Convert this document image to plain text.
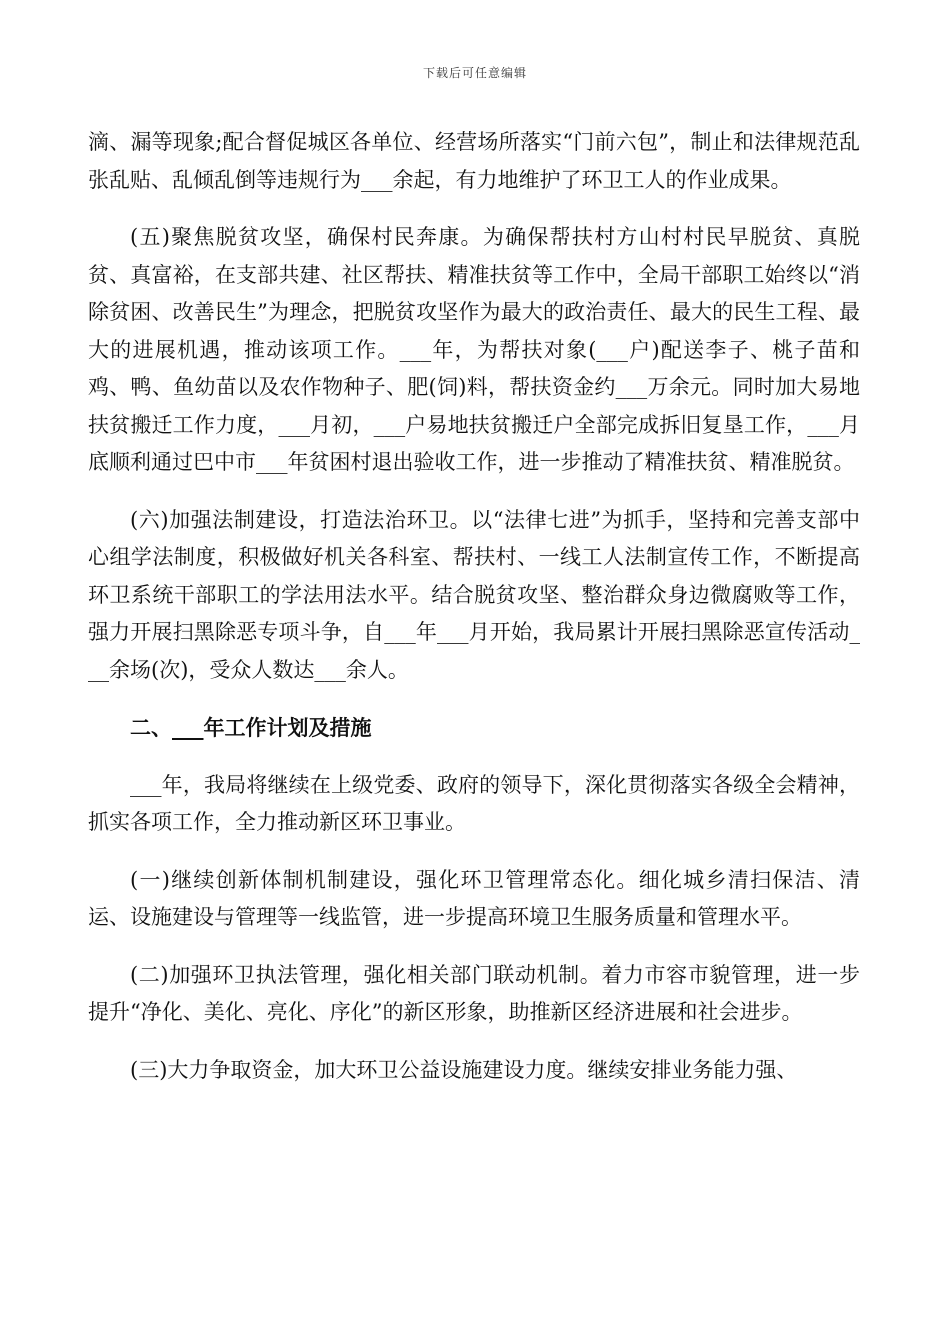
下载后可任意编辑

滴、漏等现象;配合督促城区各单位、经营场所落实“门前六包”，制止和法律规范乱张乱贴、乱倾乱倒等违规行为___余起，有力地维护了环卫工人的作业成果。

(五)聚焦脱贫攻坚，确保村民奔康。为确保帮扶村方山村村民早脱贫、真脱贫、真富裕，在支部共建、社区帮扶、精准扶贫等工作中，全局干部职工始终以“消除贫困、改善民生”为理念，把脱贫攻坚作为最大的政治责任、最大的民生工程、最大的进展机遇，推动该项工作。___年，为帮扶对象(___户)配送李子、桃子苗和鸡、鸭、鱼幼苗以及农作物种子、肥(饲)料，帮扶资金约___万余元。同时加大易地扶贫搬迁工作力度，___月初，___户易地扶贫搬迁户全部完成拆旧复垦工作，___月底顺利通过巴中市___年贫困村退出验收工作，进一步推动了精准扶贫、精准脱贫。

(六)加强法制建设，打造法治环卫。以“法律七进”为抓手，坚持和完善支部中心组学法制度，积极做好机关各科室、帮扶村、一线工人法制宣传工作，不断提高环卫系统干部职工的学法用法水平。结合脱贫攻坚、整治群众身边微腐败等工作，强力开展扫黑除恶专项斗争，自___年___月开始，我局累计开展扫黑除恶宣传活动___余场(次)，受众人数达___余人。

二、___年工作计划及措施

___年，我局将继续在上级党委、政府的领导下，深化贯彻落实各级全会精神，抓实各项工作，全力推动新区环卫事业。

(一)继续创新体制机制建设，强化环卫管理常态化。细化城乡清扫保洁、清运、设施建设与管理等一线监管，进一步提高环境卫生服务质量和管理水平。

(二)加强环卫执法管理，强化相关部门联动机制。着力市容市貌管理，进一步提升“净化、美化、亮化、序化”的新区形象，助推新区经济进展和社会进步。

(三)大力争取资金，加大环卫公益设施建设力度。继续安排业务能力强、
